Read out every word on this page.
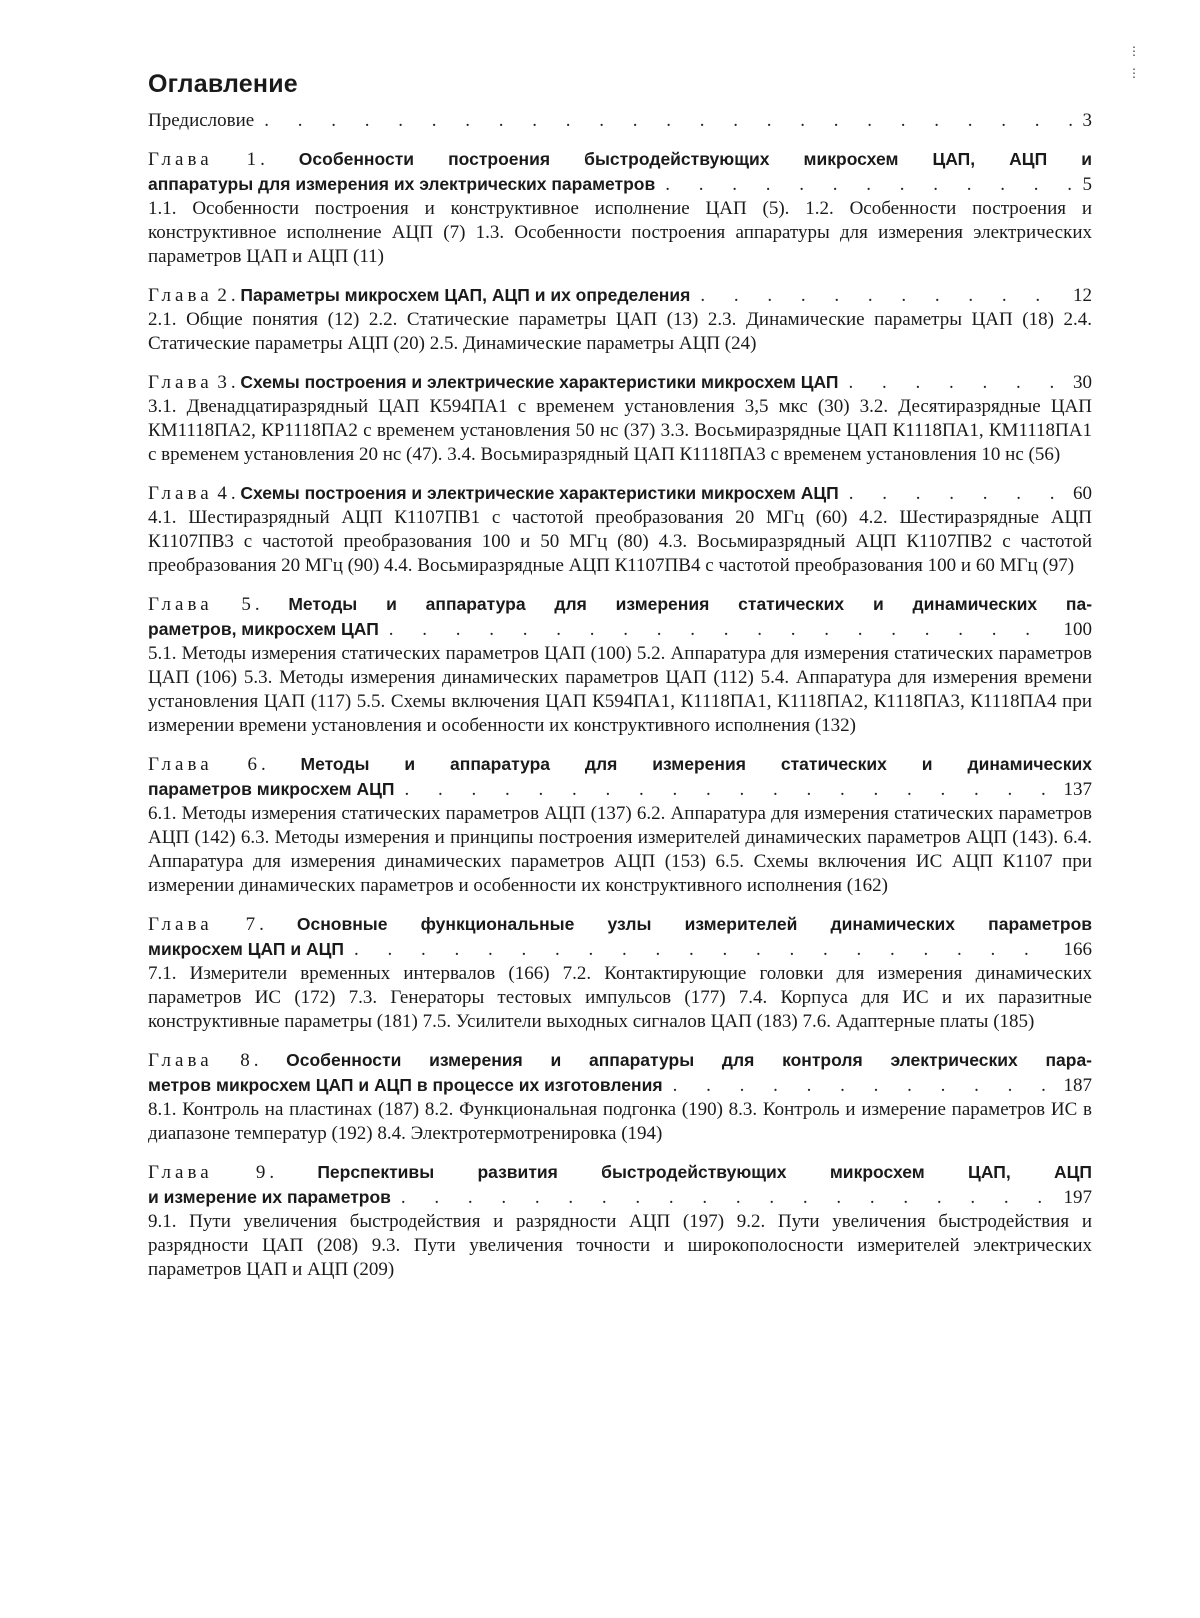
⋮
⋮
Оглавление
Предисловие
. . .	3
Глава 1. Особенности построения быстродействующих микросхем ЦАП, АЦП и
аппаратуры для измерения их электрических параметров
. . .	5
1.1. Особенности построения и конструктивное исполнение ЦАП (5). 1.2. Особенности построения и конструктивное исполнение АЦП (7) 1.3. Особенности построения аппаратуры для измерения электрических параметров ЦАП и АЦП (11)
Глава
2 . Параметры микросхем ЦАП, АЦП и их определения
. . .	12
2.1. Общие понятия (12) 2.2. Статические параметры ЦАП (13) 2.3. Динамические параметры ЦАП (18) 2.4. Статические параметры АЦП (20) 2.5. Динамические параметры АЦП (24)
Глава
3 . Схемы построения и электрические характеристики микросхем ЦАП
. . .	30
3.1. Двенадцатиразрядный ЦАП К594ПА1 с временем установления 3,5 мкс (30) 3.2. Десятиразрядные ЦАП КМ1118ПА2, КР1118ПА2 с временем установления 50 нс (37) 3.3. Восьмиразрядные ЦАП К1118ПА1, КМ1118ПА1 с временем установления 20 нс (47). 3.4. Восьмиразрядный ЦАП К1118ПА3 с временем установления 10 нс (56)
Глава
4 . Схемы построения и электрические характеристики микросхем АЦП
. . .	60
4.1. Шестиразрядный АЦП К1107ПВ1 с частотой преобразования 20 МГц (60) 4.2. Шестиразрядные АЦП К1107ПВ3 с частотой преобразования 100 и 50 МГц (80) 4.3. Восьмиразрядный АЦП К1107ПВ2 с частотой преобразования 20 МГц (90) 4.4. Восьмиразрядные АЦП К1107ПВ4 с частотой преобразования 100 и 60 МГц (97)
Глава 5. Методы и аппаратура для измерения статических и динамических па-
раметров, микросхем ЦАП
. . .	100
5.1. Методы измерения статических параметров ЦАП (100) 5.2. Аппаратура для измерения статических параметров ЦАП (106) 5.3. Методы измерения динамических параметров ЦАП (112) 5.4. Аппаратура для измерения времени установления ЦАП (117) 5.5. Схемы включения ЦАП К594ПА1, К1118ПА1, К1118ПА2, К1118ПА3, К1118ПА4 при измерении времени установления и особенности их конструктивного исполнения (132)
Глава 6. Методы и аппаратура для измерения статических и динамических
параметров микросхем АЦП
. . .	137
6.1. Методы измерения статических параметров АЦП (137) 6.2. Аппаратура для измерения статических параметров АЦП (142) 6.3. Методы измерения и принципы построения измерителей динамических параметров АЦП (143). 6.4. Аппаратура для измерения динамических параметров АЦП (153) 6.5. Схемы включения ИС АЦП К1107 при измерении динамических параметров и особенности их конструктивного исполнения (162)
Глава 7. Основные функциональные узлы измерителей динамических параметров
микросхем ЦАП и АЦП
. . .	166
7.1. Измерители временных интервалов (166) 7.2. Контактирующие головки для измерения динамических параметров ИС (172) 7.3. Генераторы тестовых импульсов (177) 7.4. Корпуса для ИС и их паразитные конструктивные параметры (181) 7.5. Усилители выходных сигналов ЦАП (183) 7.6. Адаптерные платы (185)
Глава 8. Особенности измерения и аппаратуры для контроля электрических пара-
метров микросхем ЦАП и АЦП в процессе их изготовления
. . .	187
8.1. Контроль на пластинах (187) 8.2. Функциональная подгонка (190) 8.3. Контроль и измерение параметров ИС в диапазоне температур (192) 8.4. Электротермотренировка (194)
Глава 9. Перспективы развития быстродействующих микросхем ЦАП, АЦП
и измерение их параметров
. . .	197
9.1. Пути увеличения быстродействия и разрядности АЦП (197) 9.2. Пути увеличения быстродействия и разрядности ЦАП (208) 9.3. Пути увеличения точности и широкополосности измерителей электрических параметров ЦАП и АЦП (209)
